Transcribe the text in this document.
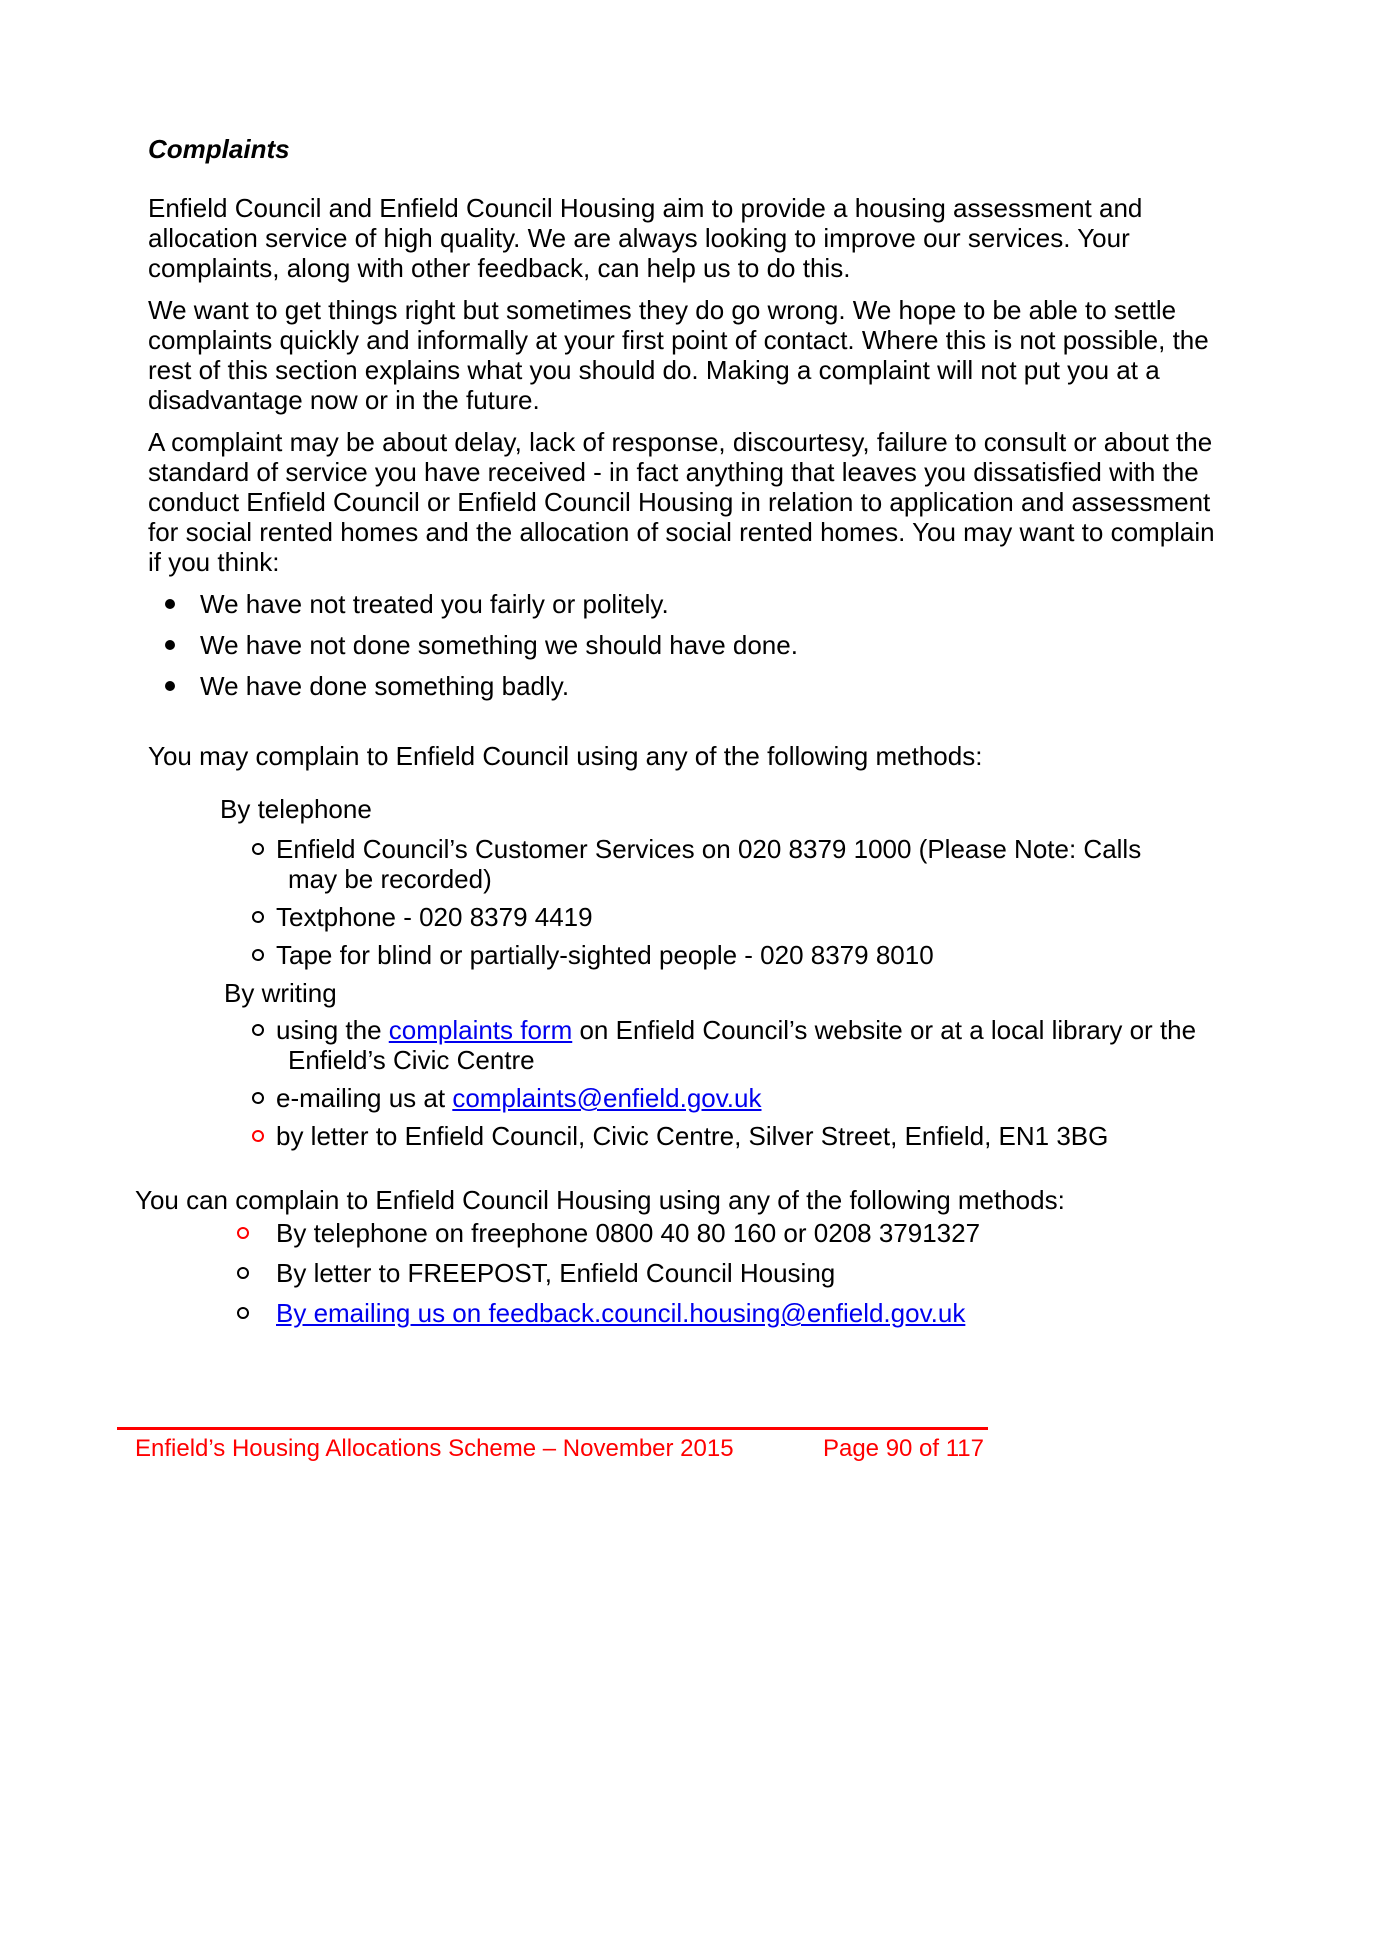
Complaints

Enfield Council and Enfield Council Housing aim to provide a housing assessment and allocation service of high quality. We are always looking to improve our services. Your complaints, along with other feedback, can help us to do this.

We want to get things right but sometimes they do go wrong. We hope to be able to settle complaints quickly and informally at your first point of contact. Where this is not possible, the rest of this section explains what you should do. Making a complaint will not put you at a disadvantage now or in the future.

A complaint may be about delay, lack of response, discourtesy, failure to consult or about the standard of service you have received - in fact anything that leaves you dissatisfied with the conduct Enfield Council or Enfield Council Housing in relation to application and assessment for social rented homes and the allocation of social rented homes. You may want to complain if you think:

We have not treated you fairly or politely.
We have not done something we should have done.
We have done something badly.

You may complain to Enfield Council using any of the following methods:

By telephone
Enfield Council’s Customer Services on 020 8379 1000 (Please Note: Calls may be recorded)
Textphone - 020 8379 4419
Tape for blind or partially-sighted people - 020 8379 8010
By writing
using the complaints form on Enfield Council’s website or at a local library or the Enfield’s Civic Centre
e-mailing us at complaints@enfield.gov.uk
by letter to Enfield Council, Civic Centre, Silver Street, Enfield, EN1 3BG

You can complain to Enfield Council Housing using any of the following methods:

By telephone on freephone 0800 40 80 160 or 0208 3791327
By letter to FREEPOST, Enfield Council Housing
By emailing us on feedback.council.housing@enfield.gov.uk
Enfield’s Housing Allocations Scheme – November 2015	Page 90 of 117
